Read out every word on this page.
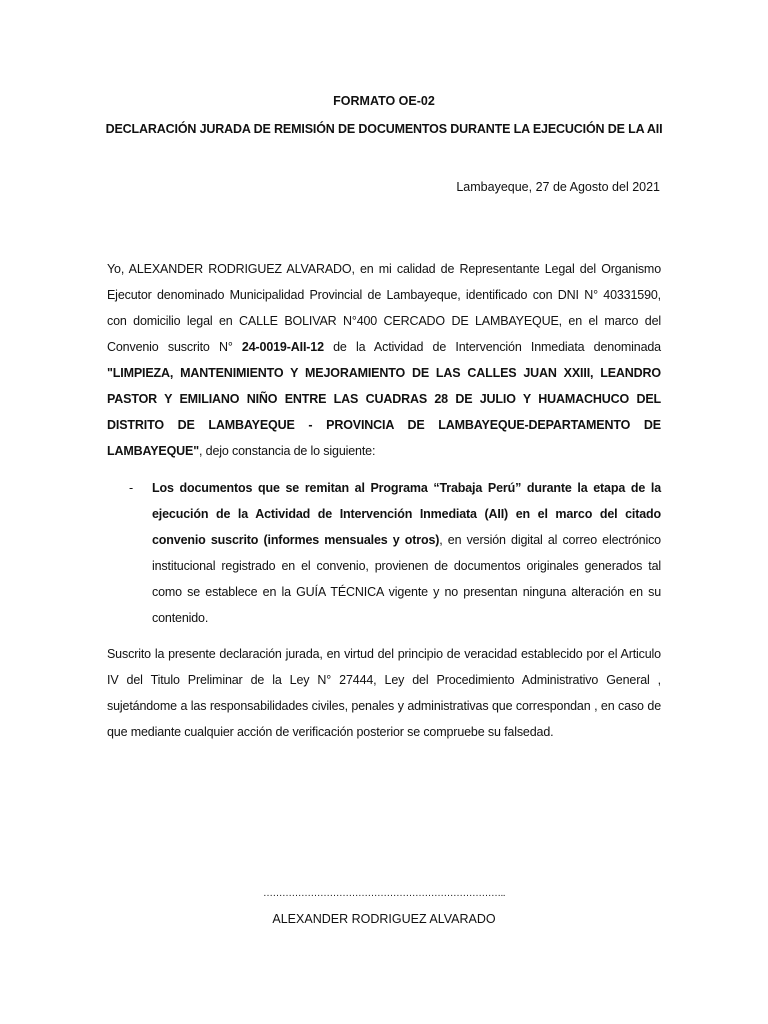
FORMATO OE-02
DECLARACIÓN JURADA DE REMISIÓN DE DOCUMENTOS DURANTE LA EJECUCIÓN DE LA AII
Lambayeque, 27 de Agosto del 2021
Yo, ALEXANDER RODRIGUEZ ALVARADO, en mi calidad de Representante Legal del Organismo Ejecutor denominado Municipalidad Provincial de Lambayeque, identificado con DNI N° 40331590, con domicilio legal en CALLE BOLIVAR N°400 CERCADO DE LAMBAYEQUE, en el marco del Convenio suscrito N° 24-0019-AII-12 de la Actividad de Intervención Inmediata denominada "LIMPIEZA, MANTENIMIENTO Y MEJORAMIENTO DE LAS CALLES JUAN XXIII, LEANDRO PASTOR Y EMILIANO NIÑO ENTRE LAS CUADRAS 28 DE JULIO Y HUAMACHUCO DEL DISTRITO DE LAMBAYEQUE - PROVINCIA DE LAMBAYEQUE-DEPARTAMENTO DE LAMBAYEQUE", dejo constancia de lo siguiente:
- Los documentos que se remitan al Programa “Trabaja Perú” durante la etapa de la ejecución de la Actividad de Intervención Inmediata (AII) en el marco del citado convenio suscrito (informes mensuales y otros), en versión digital al correo electrónico institucional registrado en el convenio, provienen de documentos originales generados tal como se establece en la GUÍA TÉCNICA vigente y no presentan ninguna alteración en su contenido.
Suscrito la presente declaración jurada, en virtud del principio de veracidad establecido por el Articulo IV del Titulo Preliminar de la Ley N° 27444, Ley del Procedimiento Administrativo General , sujetándome a las responsabilidades civiles, penales y administrativas que correspondan , en caso de que mediante cualquier acción de verificación posterior se compruebe su falsedad.
…………………………………………………………………..
ALEXANDER RODRIGUEZ ALVARADO
